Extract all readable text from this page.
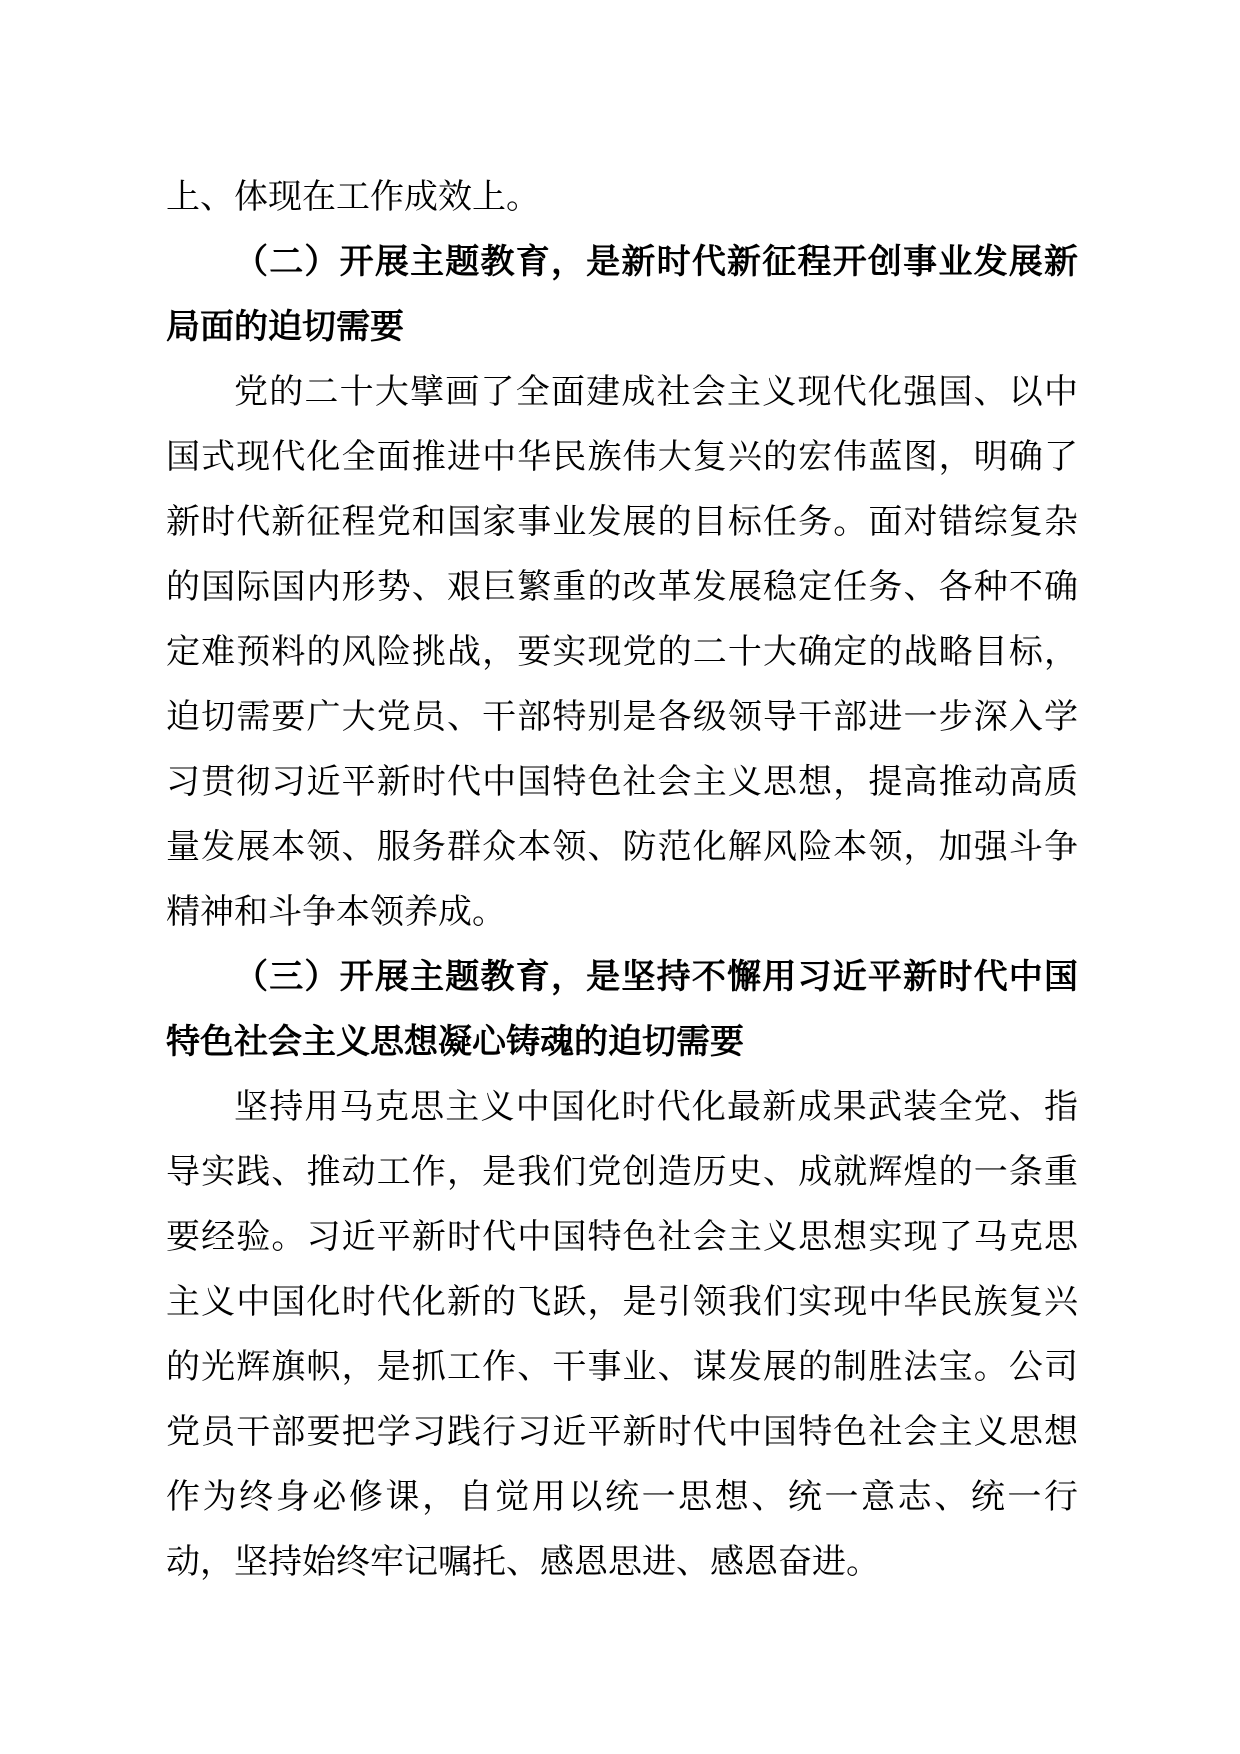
上、体现在工作成效上。

（二）开展主题教育，是新时代新征程开创事业发展新局面的迫切需要

党的二十大擘画了全面建成社会主义现代化强国、以中国式现代化全面推进中华民族伟大复兴的宏伟蓝图，明确了新时代新征程党和国家事业发展的目标任务。面对错综复杂的国际国内形势、艰巨繁重的改革发展稳定任务、各种不确定难预料的风险挑战，要实现党的二十大确定的战略目标，迫切需要广大党员、干部特别是各级领导干部进一步深入学习贯彻习近平新时代中国特色社会主义思想，提高推动高质量发展本领、服务群众本领、防范化解风险本领，加强斗争精神和斗争本领养成。

（三）开展主题教育，是坚持不懈用习近平新时代中国特色社会主义思想凝心铸魂的迫切需要

坚持用马克思主义中国化时代化最新成果武装全党、指导实践、推动工作，是我们党创造历史、成就辉煌的一条重要经验。习近平新时代中国特色社会主义思想实现了马克思主义中国化时代化新的飞跃，是引领我们实现中华民族复兴的光辉旗帜，是抓工作、干事业、谋发展的制胜法宝。公司党员干部要把学习践行习近平新时代中国特色社会主义思想作为终身必修课，自觉用以统一思想、统一意志、统一行动，坚持始终牢记嘱托、感恩思进、感恩奋进。
